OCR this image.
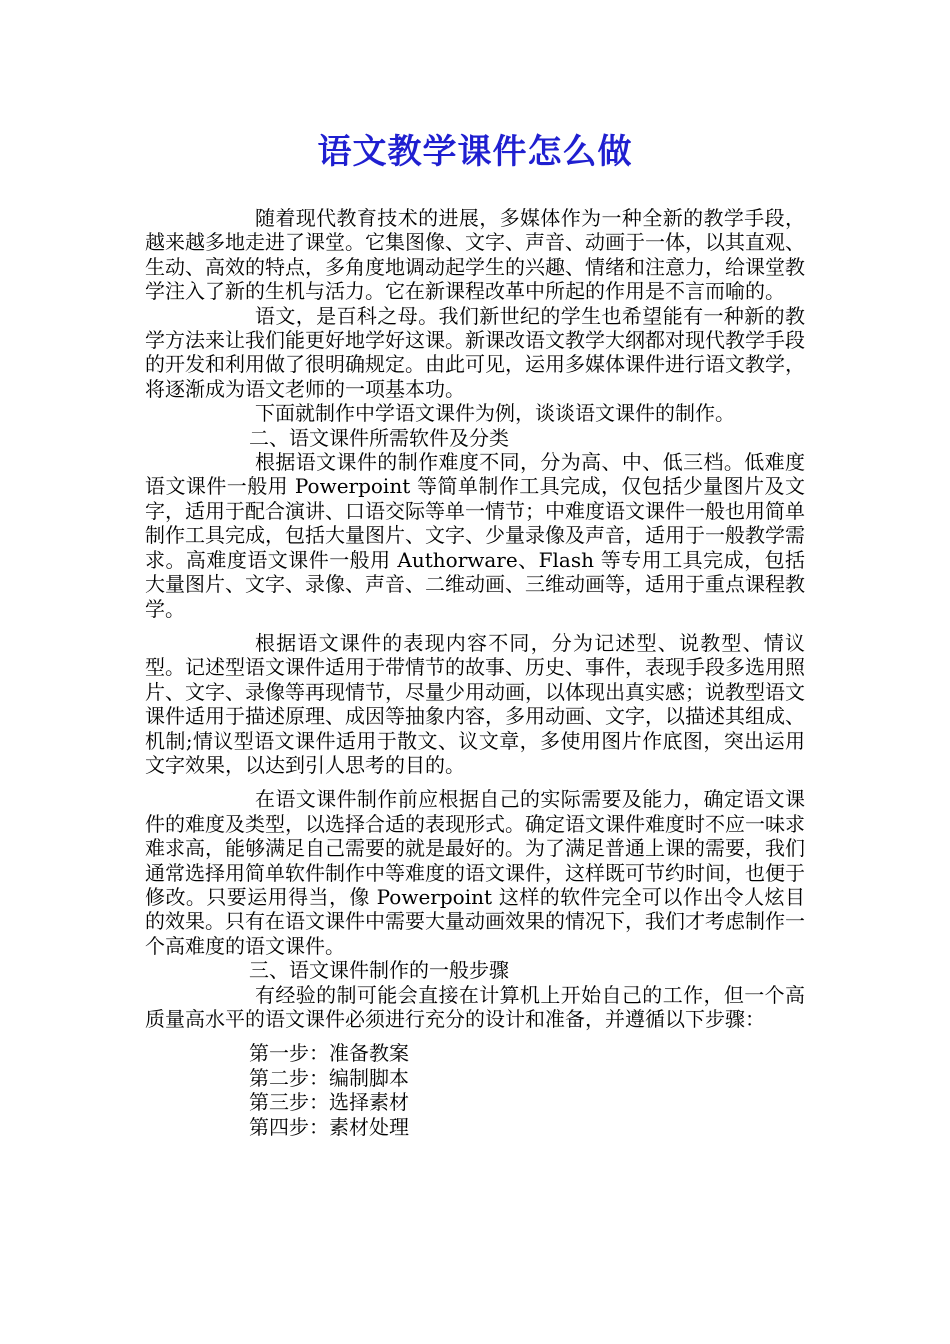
语文教学课件怎么做

随着现代教育技术的进展，多媒体作为一种全新的教学手段，越来越多地走进了课堂。它集图像、文字、声音、动画于一体，以其直观、生动、高效的特点，多角度地调动起学生的兴趣、情绪和注意力，给课堂教学注入了新的生机与活力。它在新课程改革中所起的作用是不言而喻的。

语文，是百科之母。我们新世纪的学生也希望能有一种新的教学方法来让我们能更好地学好这课。新课改语文教学大纲都对现代教学手段的开发和利用做了很明确规定。由此可见，运用多媒体课件进行语文教学，将逐渐成为语文老师的一项基本功。

下面就制作中学语文课件为例，谈谈语文课件的制作。

二、语文课件所需软件及分类

根据语文课件的制作难度不同，分为高、中、低三档。低难度语文课件一般用 Powerpoint 等简单制作工具完成，仅包括少量图片及文字，适用于配合演讲、口语交际等单一情节；中难度语文课件一般也用简单制作工具完成，包括大量图片、文字、少量录像及声音，适用于一般教学需求。高难度语文课件一般用 Authorware、Flash 等专用工具完成，包括大量图片、文字、录像、声音、二维动画、三维动画等，适用于重点课程教学。

根据语文课件的表现内容不同，分为记述型、说教型、情议型。记述型语文课件适用于带情节的故事、历史、事件，表现手段多选用照片、文字、录像等再现情节，尽量少用动画，以体现出真实感；说教型语文课件适用于描述原理、成因等抽象内容，多用动画、文字，以描述其组成、机制;情议型语文课件适用于散文、议文章，多使用图片作底图，突出运用文字效果，以达到引人思考的目的。

在语文课件制作前应根据自己的实际需要及能力，确定语文课件的难度及类型，以选择合适的表现形式。确定语文课件难度时不应一味求难求高，能够满足自己需要的就是最好的。为了满足普通上课的需要，我们通常选择用简单软件制作中等难度的语文课件，这样既可节约时间，也便于修改。只要运用得当，像 Powerpoint 这样的软件完全可以作出令人炫目的效果。只有在语文课件中需要大量动画效果的情况下，我们才考虑制作一个高难度的语文课件。

三、语文课件制作的一般步骤

有经验的制可能会直接在计算机上开始自己的工作，但一个高质量高水平的语文课件必须进行充分的设计和准备，并遵循以下步骤：

第一步：准备教案

第二步：编制脚本

第三步：选择素材

第四步：素材处理
